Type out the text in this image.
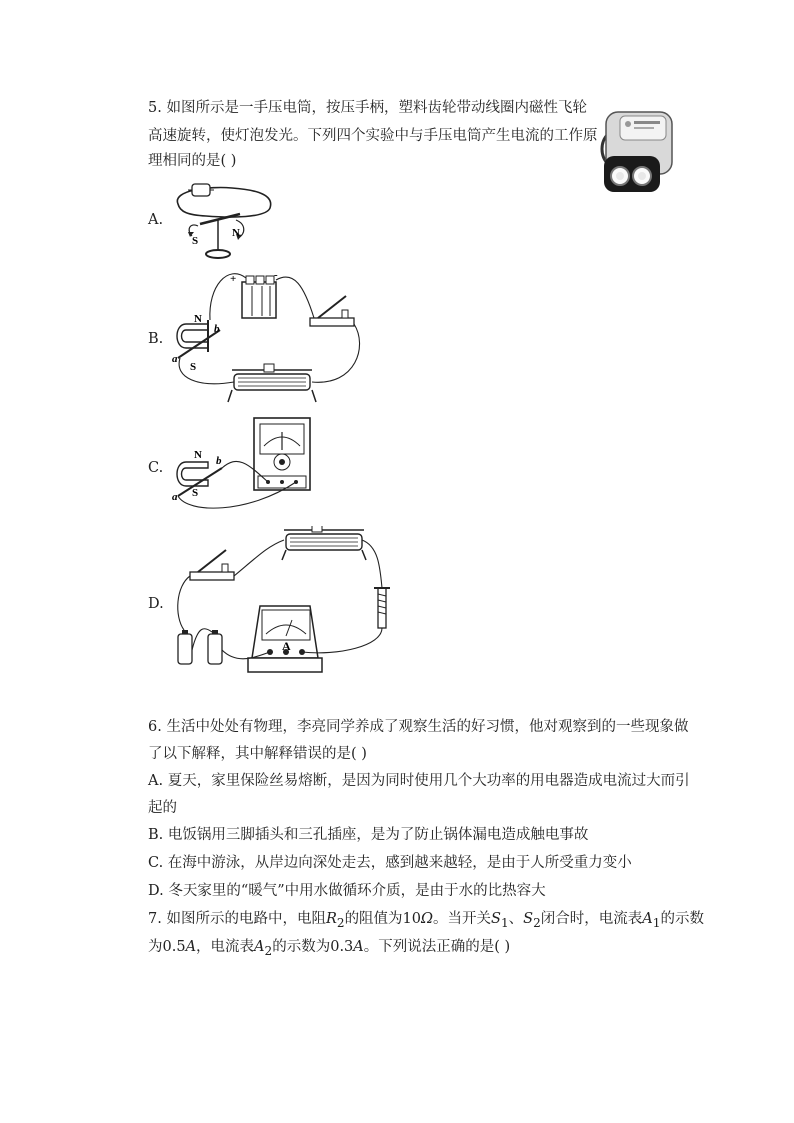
5. 如图所示是一手压电筒，按压手柄，塑料齿轮带动线圈内磁性飞轮
高速旋转，使灯泡发光。下列四个实验中与手压电筒产生电流的工作原
理相同的是( )
A.
S
N
B.
+	-
N
S
a
b
C.
N
S
a
b
D.
A
6. 生活中处处有物理，李亮同学养成了观察生活的好习惯，他对观察到的一些现象做
了以下解释，其中解释错误的是( )
A. 夏天，家里保险丝易熔断，是因为同时使用几个大功率的用电器造成电流过大而引
起的
B. 电饭锅用三脚插头和三孔插座，是为了防止锅体漏电造成触电事故
C. 在海中游泳，从岸边向深处走去，感到越来越轻，是由于人所受重力变小
D. 冬天家里的“暖气”中用水做循环介质，是由于水的比热容大
7. 如图所示的电路中，电阻$R_2$的阻值为10Ω。当开关$S_1$、$S_2$闭合时，电流表$A_1$的示数
为0.5A，电流表$A_2$的示数为0.3A。下列说法正确的是( )
